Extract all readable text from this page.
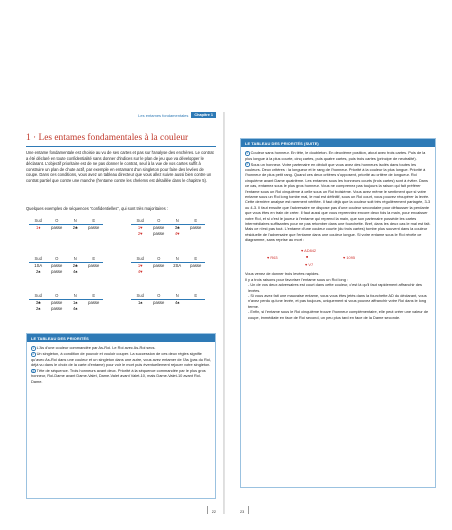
Les entames fondamentales	Chapitre 1
1 · Les entames fondamentales à la couleur

Une entame fondamentale est choisie au vu de ses cartes et pas sur l'analyse des enchères. Le contrat a été déclaré en toute confidentialité sans donner d'indices sur le plan de jeu que va développer le déclarant. L'objectif prioritaire est de ne pas donner le contrat, seul à la vue de vos cartes suffit à construire un plan de chute actif, par exemple en entamant d'un singleton pour faire des levées de coupe. Dans ces conditions, vous avez un tableau directeur que vous allez suivre aussi bien contre un contrat partiel que contre une manche (l'entame contre les chelems est détaillée dans le chapitre 5).

Quelques exemples de séquences "confidentielles", qui sont très majoritaires :

Sud	O	N	E
1♦	passe	2♣	passe
Sud	O	N	E
1♥	passe	3♣	passe
2♥	passe	4♥
Sud	O	N	E
1SA	passe	2♣	passe
2♠	passe	4♠
Sud	O	N	E
1♥	passe	2SA	passe
4♥
Sud	O	N	E
3♣	passe	1♠	passe
2♠	passe	4♠
Sud	O	N	E
1♠	passe	4♠
LE TABLEAU DES PRIORITÉS
1 L'As d'une couleur commandée par As-Roi. Le Roi avec As-Roi secs.
2 Un singleton, à condition de pouvoir et vouloir couper. La succession de ces deux règles signifie qu'avec As-Roi dans une couleur et un singleton dans une autre, vous avez entamer de l'As (pas du Roi, déjà vu dans le choix de la carte d'entame) pour voir le mort puis éventuellement rejouer votre singleton.
3 Tête de séquence. Trois honneurs avant deux. Priorité à la séquence commandée par le plus gros honneur, Roi-Dame avant Dame-Valet, Dame-Valet avant Valet-10, mais Dame-Valet-10 avant Roi-Dame.
22
LE TABLEAU DES PRIORITÉS (SUITE)
4 Couleur sans honneur. En tête, le doubleton. En deuxième position, atout avec trois cartes. Puis de la plus longue à la plus courte, cinq cartes, puis quatre cartes, puis trois cartes (principe de neutralité).
5 Sous un honneur. Votre partenaire en déduit que vous avez des honneurs isolés dans toutes les couleurs. Deux critères : la longueur et le rang de l'honneur. Priorité à la couleur la plus longue. Priorité à l'honneur de plus petit rang. Quand ces deux critères s'opposent, priorité au critère de longueur. Roi cinquième avant Dame quatrième. Les entames sous les honneurs courts (trois cartes) sont à éviter. Dans ce cas, entamez sous le plus gros honneur. Vous ne comprenez pas toujours la raison qui fait préférer l'entame sous un Roi cinquième à celle sous un Roi troisième. Vous avez même le sentiment que si votre entame sous un Roi long tombe mal, le mal est définitif, sous un Roi court, vous pouvez récupérer la levée. Cette dernière analyse est rarement vérifiée. Il faut déjà que la couleur soit très régulièrement partagée, 3-3 ou 4-3. Il faut ensuite que l'adversaire ne dispose pas d'une couleur secondaire pour défausser la perdante que vous êtes en train de créer. Il faut aussi que vous reprenniez encore deux fois la main, pour encaisser votre Roi, et si c'est le joueur à l'entame qui reprend la main, que son partenaire possède les cartes intermédiaires suffisantes pour ne pas retomber dans une fourchette. Bref, dans les deux cas le mal est fait. Mais ce n'est pas tout. L'entame d'une couleur courte (du trois cartes) tombe plus souvent dans la couleur résiduelle de l'adversaire que l'entame dans une couleur longue. Si votre entame sous le Roi révèle ce diagramme, sans reprise au mort :
♥ AD842
♥ R63	■	♥ 1095
♥ V7
Vous venez de donner trois levées rapides.
Il y a trois raisons pour favoriser l'entame sous un Roi long :
- Un de vos deux adversaires est court dans cette couleur, c'est là qu'il faut rapidement affranchir des levées.
- Si vous avez fait une mauvaise entame, vous vous êtes jetés dans la fourchette AD du déclarant, vous n'avez perdu qu'une levée, et pas toujours, uniquement si vous pouvez affranchir votre Roi dans le long terme.
- Enfin, si l'entame sous le Roi cinquième trouve l'honneur complémentaire, elle peut créer une valeur de coupe, immédiate en face de Roi second, un peu plus tard en face de la Dame seconde.
23
